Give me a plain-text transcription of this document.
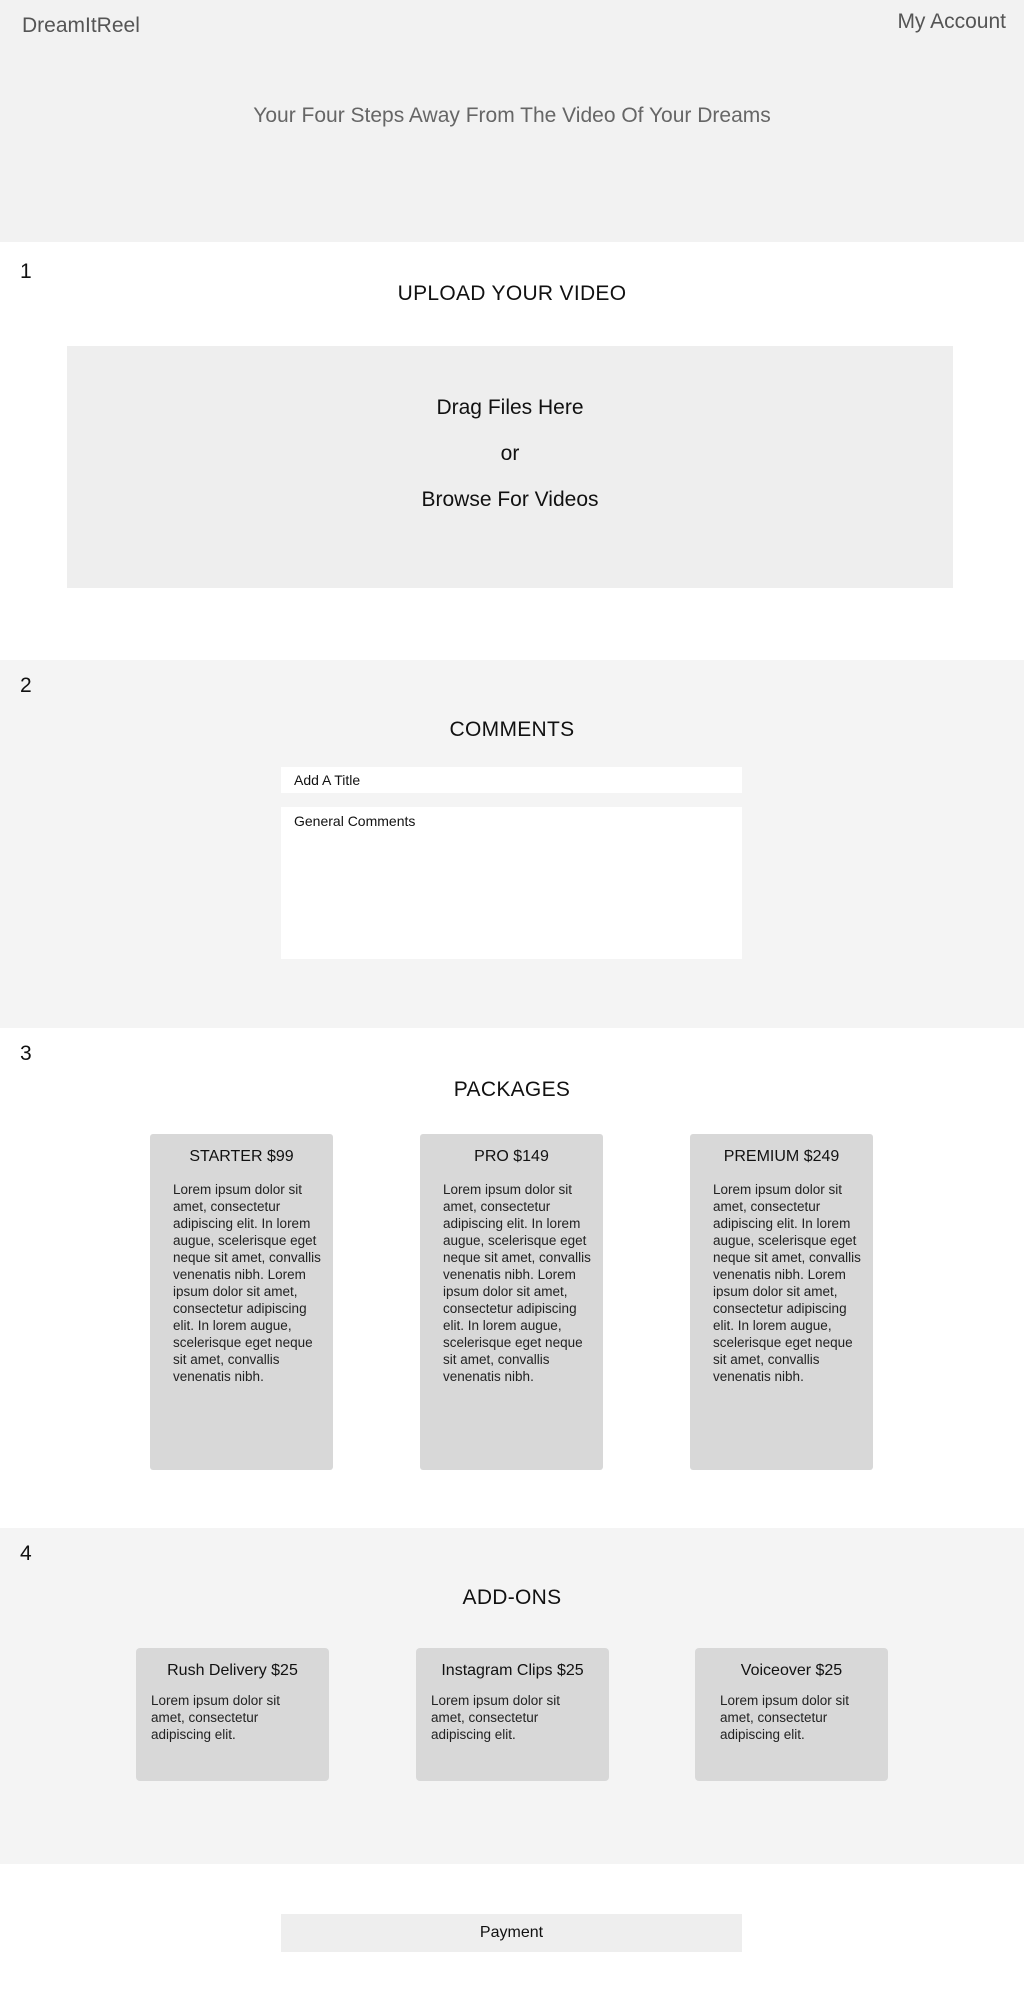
DreamItReel	My Account
Your Four Steps Away From The Video Of Your Dreams
1
UPLOAD YOUR VIDEO
Drag Files Here
or
Browse For Videos
2
COMMENTS
Add A Title
General Comments
3
PACKAGES
STARTER $99
Lorem ipsum dolor sit amet, consectetur adipiscing elit. In lorem augue, scelerisque eget neque sit amet, convallis venenatis nibh. Lorem ipsum dolor sit amet, consectetur adipiscing elit. In lorem augue, scelerisque eget neque sit amet, convallis venenatis nibh.
PRO $149
Lorem ipsum dolor sit amet, consectetur adipiscing elit. In lorem augue, scelerisque eget neque sit amet, convallis venenatis nibh. Lorem ipsum dolor sit amet, consectetur adipiscing elit. In lorem augue, scelerisque eget neque sit amet, convallis venenatis nibh.
PREMIUM $249
Lorem ipsum dolor sit amet, consectetur adipiscing elit. In lorem augue, scelerisque eget neque sit amet, convallis venenatis nibh. Lorem ipsum dolor sit amet, consectetur adipiscing elit. In lorem augue, scelerisque eget neque sit amet, convallis venenatis nibh.
4
ADD-ONS
Rush Delivery $25
Lorem ipsum dolor sit amet, consectetur adipiscing elit.
Instagram Clips $25
Lorem ipsum dolor sit amet, consectetur adipiscing elit.
Voiceover $25
Lorem ipsum dolor sit amet, consectetur adipiscing elit.
Payment
